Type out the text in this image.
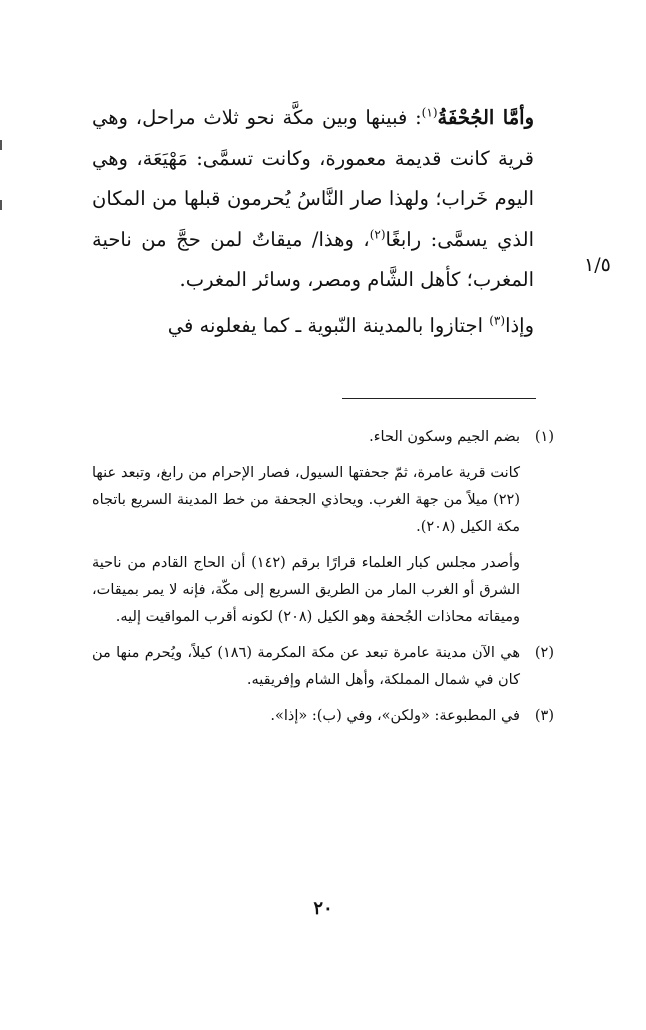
وأمَّا الجُحْفَةُ$^{(١)}$: فبينها وبين مكَّة نحو ثلاث مراحل، وهي قرية كانت قديمة معمورة، وكانت تسمَّى: مَهْيَعَة، وهي اليوم خَراب؛ ولهذا صار النَّاسُ يُحرمون قبلها من المكان الذي يسمَّى: رابغًا$^{(٢)}$، وهذا/ ميقاتٌ لمن حجَّ من ناحية المغرب؛ كأهل الشَّام ومصر، وسائر المغرب.

وإذا$^{(٣)}$ اجتازوا بالمدينة النّبوية ـ كما يفعلونه في

١/٥
(١)

بضم الجيم وسكون الحاء.

كانت قرية عامرة، ثمّ جحفتها السيول، فصار الإحرام من رابغ، وتبعد عنها (٢٢) ميلاً من جهة الغرب. ويحاذي الجحفة من خط المدينة السريع باتجاه مكة الكيل (٢٠٨).

وأصدر مجلس كبار العلماء قرارًا برقم (١٤٢) أن الحاج القادم من ناحية الشرق أو الغرب المار من الطريق السريع إلى مكّة، فإنه لا يمر بميقات، وميقاته محاذات الجُحفة وهو الكيل (٢٠٨) لكونه أقرب المواقيت إليه.

(٢)

هي الآن مدينة عامرة تبعد عن مكة المكرمة (١٨٦) كيلاً، ويُحرم منها من كان في شمال المملكة، وأهل الشام وإفريقيه.

(٣)

في المطبوعة: «ولكن»، وفي (ب): «إذا».

٢٠
